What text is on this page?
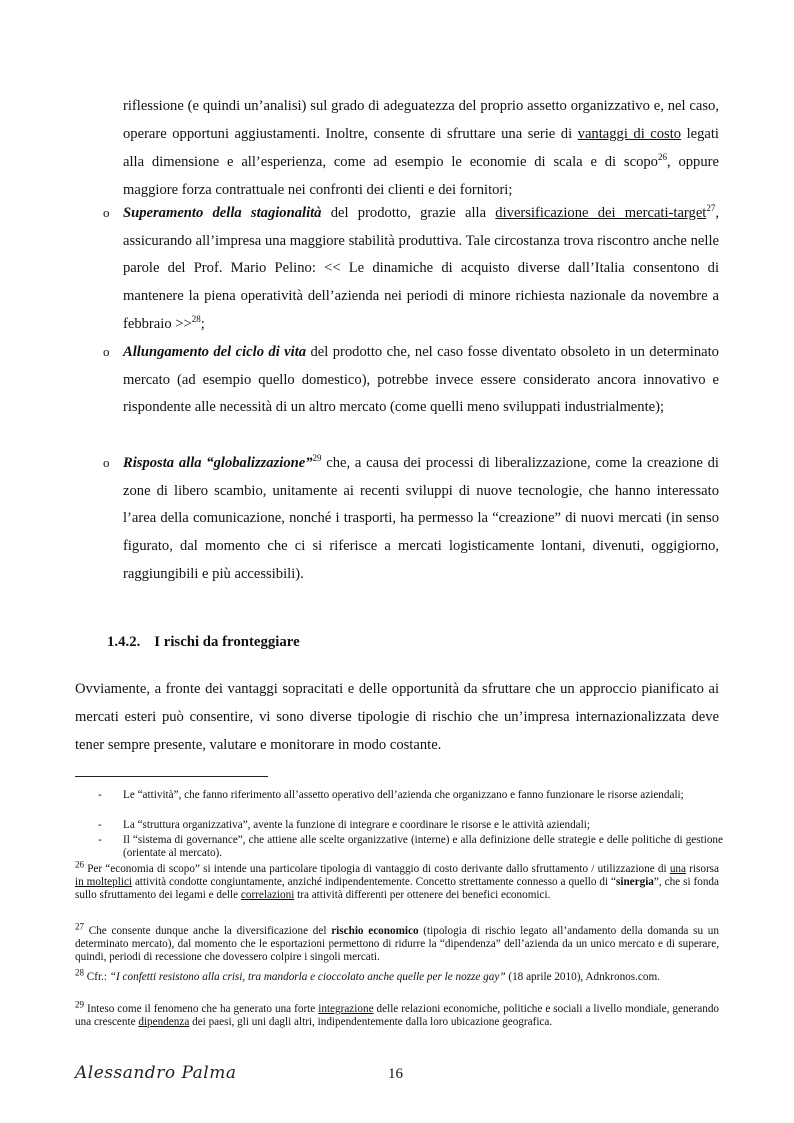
riflessione (e quindi un’analisi) sul grado di adeguatezza del proprio assetto organizzativo e, nel caso, operare opportuni aggiustamenti. Inoltre, consente di sfruttare una serie di vantaggi di costo legati alla dimensione e all’esperienza, come ad esempio le economie di scala e di scopo$^{26}$, oppure maggiore forza contrattuale nei confronti dei clienti e dei fornitori;

o Superamento della stagionalità del prodotto, grazie alla diversificazione dei mercati-target$^{27}$, assicurando all’impresa una maggiore stabilità produttiva. Tale circostanza trova riscontro anche nelle parole del Prof. Mario Pelino: << Le dinamiche di acquisto diverse dall’Italia consentono di mantenere la piena operatività dell’azienda nei periodi di minore richiesta nazionale da novembre a febbraio >>$^{28}$;

o Allungamento del ciclo di vita del prodotto che, nel caso fosse diventato obsoleto in un determinato mercato (ad esempio quello domestico), potrebbe invece essere considerato ancora innovativo e rispondente alle necessità di un altro mercato (come quelli meno sviluppati industrialmente);

o Risposta alla “globalizzazione”$^{29}$ che, a causa dei processi di liberalizzazione, come la creazione di zone di libero scambio, unitamente ai recenti sviluppi di nuove tecnologie, che hanno interessato l’area della comunicazione, nonché i trasporti, ha permesso la “creazione” di nuovi mercati (in senso figurato, dal momento che ci si riferisce a mercati logisticamente lontani, divenuti, oggigiorno, raggiungibili e più accessibili).

1.4.2. I rischi da fronteggiare

Ovviamente, a fronte dei vantaggi sopracitati e delle opportunità da sfruttare che un approccio pianificato ai mercati esteri può consentire, vi sono diverse tipologie di rischio che un’impresa internazionalizzata deve tener sempre presente, valutare e monitorare in modo costante.

- Le “attività”, che fanno riferimento all’assetto operativo dell’azienda che organizzano e fanno funzionare le risorse aziendali;

- La “struttura organizzativa”, avente la funzione di integrare e coordinare le risorse e le attività aziendali;

- Il “sistema di governance”, che attiene alle scelte organizzative (interne) e alla definizione delle strategie e delle politiche di gestione (orientate al mercato).

$^{26}$ Per “economia di scopo” si intende una particolare tipologia di vantaggio di costo derivante dallo sfruttamento / utilizzazione di una risorsa in molteplici attività condotte congiuntamente, anziché indipendentemente. Concetto strettamente connesso a quello di “sinergia”, che si fonda sullo sfruttamento dei legami e delle correlazioni tra attività differenti per ottenere dei benefici economici.

$^{27}$ Che consente dunque anche la diversificazione del rischio economico (tipologia di rischio legato all’andamento della domanda su un determinato mercato), dal momento che le esportazioni permettono di ridurre la “dipendenza” dell’azienda da un unico mercato e di superare, quindi, periodi di recessione che dovessero colpire i singoli mercati.

$^{28}$ Cfr.: “I confetti resistono alla crisi, tra mandorla e cioccolato anche quelle per le nozze gay” (18 aprile 2010), Adnkronos.com.

$^{29}$ Inteso come il fenomeno che ha generato una forte integrazione delle relazioni economiche, politiche e sociali a livello mondiale, generando una crescente dipendenza dei paesi, gli uni dagli altri, indipendentemente dalla loro ubicazione geografica.

Alessandro Palma	16
